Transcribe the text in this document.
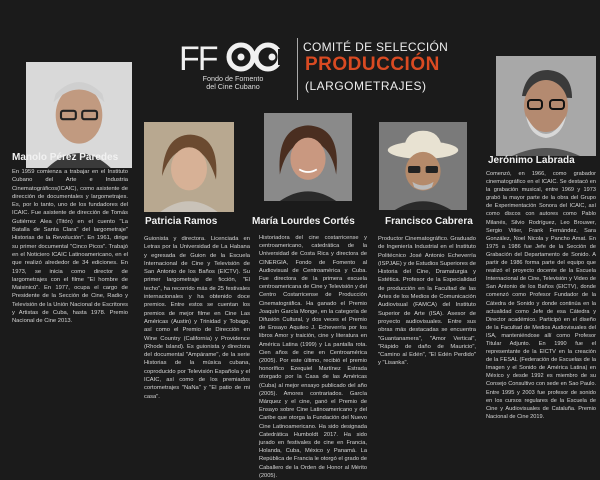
FF
Fondo de Fomento
del Cine Cubano
COMITÉ DE SELECCIÓN
PRODUCCIÓN
(LARGOMETRAJES)
Manolo Pérez Paredes
En 1959 comienza a trabajar en el Instituto Cubano del Arte e Industria Cinematográficos(ICAIC), como asistente de dirección de documentales y largometrajes. Es, por lo tanto, uno de los fundadores del ICAIC. Fue asistente de dirección de Tomás Gutiérrez Alea (Titón) en el cuento "La Batalla de Santa Clara" del largometraje" Historias de la Revolución". En 1961, dirige su primer documental "Cinco Picos". Trabajó en el Noticiero ICAIC Latinoamericano, en el que realizó alrededor de 34 ediciones. En 1973, se inicia como director de largometrajes con el filme "El hombre de Maisinicú". En 1977, ocupa el cargo de Presidente de la Sección de Cine, Radio y Televisión de la Unión Nacional de Escritores y Artistas de Cuba, hasta 1978. Premio Nacional de Cine 2013.
Patricia Ramos
Guionista y directora. Licenciada en Letras por la Universidad de La Habana y egresada de Guion de la Escuela Internacional de Cine y Televisión de San Antonio de los Baños (EICTV). Su primer largometraje de ficción, "El techo", ha recorrido más de 25 festivales internacionales y ha obtenido doce premios. Entre estos se cuentan los premios de mejor filme en Cine Las Américas (Austin) y Trinidad y Tobago, así como el Premio de Dirección en Wine Country (California) y Providence (Rhode Island). Es guionista y directora del documental "Ampárame", de la serie Historias de la música cubana, coproducido por Televisión Española y el ICAIC, así como de los premiados cortometrajes "NaNa" y "El patio de mi casa".
María Lourdes Cortés
Historiadora del cine costarricense y centroamericano, catedrática de la Universidad de Costa Rica y directora de CINERGIA, Fondo de Fomento al Audiovisual de Centroamérica y Cuba. Fue directora de la primera escuela centroamericana de Cine y Televisión y del Centro Costarricense de Producción Cinematográfica. Ha ganado el Premio Joaquín García Monge, en la categoría de Difusión Cultural, y dos veces el Premio de Ensayo Aquileo J. Echeverría por los libros Amor y traición, cine y literatura en América Latina (1999) y La pantalla rota. Cien años de cine en Centroamérica (2005). Por este último, recibió el premio honorífico Ezequiel Martínez Estrada otorgado por la Casa de las Américas (Cuba) al mejor ensayo publicado del año (2005). Amores contrariados. García Márquez y el cine, ganó el Premio de Ensayo sobre Cine Latinoamericano y del Caribe que otorga la Fundación del Nuevo Cine Latinoamericano. Ha sido designada Catedrática Humboldt 2017. Ha sido jurado en festivales de cine en Francia, Holanda, Cuba, México y Panamá. La República de Francia le otorgó el grado de Caballero de la Orden de Honor al Mérito (2005).
Francisco Cabrera
Productor Cinematográfico. Graduado de Ingeniería Industrial en el Instituto Politécnico José Antonio Echeverría (ISPJAE) y de Estudios Superiores de Historia del Cine, Dramaturgia y Estética. Profesor de la Especialidad de producción en la Facultad de las Artes de los Medios de Comunicación Audiovisual (FAMCA) del Instituto Superior de Arte (ISA). Asesor de proyecto audiovisuales. Entre sus obras más destacadas se encuentra "Guantanamera", "Amor Vertical", "Rápido de daño de Mauricio", "Camino al Edén", "El Edén Perdido" y "Lisanka".
Jerónimo Labrada
Comenzó, en 1966, como grabador cinematográfico en el ICAIC. Se destacó en la grabación musical, entre 1969 y 1973 grabó la mayor parte de la obra del Grupo de Experimentación Sonora del ICAIC, así como discos con autores como Pablo Milanés, Silvio Rodríguez, Leo Brouwer, Sergio Vitier, Frank Fernández, Sara González, Noel Nicola y Pancho Amat. En 1975 a 1986 fue Jefe de la Sección de Grabación del Departamento de Sonido. A partir de 1986 forma parte del equipo que realizó el proyecto docente de la Escuela Internacional de Cine, Televisión y Video de San Antonio de los Baños (EICTV), donde comenzó como Profesor Fundador de la Cátedra de Sonido y donde continúa en la actualidad como Jefe de esa Cátedra y Director académico. Participó en el diseño de la Facultad de Medios Audiovisuales del ISA, manteniéndose allí como Profesor Titular Adjunto. En 1990 fue el representante de la EICTV en la creación de la FESAL (Federación de Escuelas de la Imagen y el Sonido de América Latina) en México y desde 1992 es miembro de su Consejo Consultivo con sede en Sao Paulo. Entre 1995 y 2003 fue profesor de sonido en los cursos regulares de la Escuela de Cine y Audiovisuales de Cataluña. Premio Nacional de Cine 2019.
